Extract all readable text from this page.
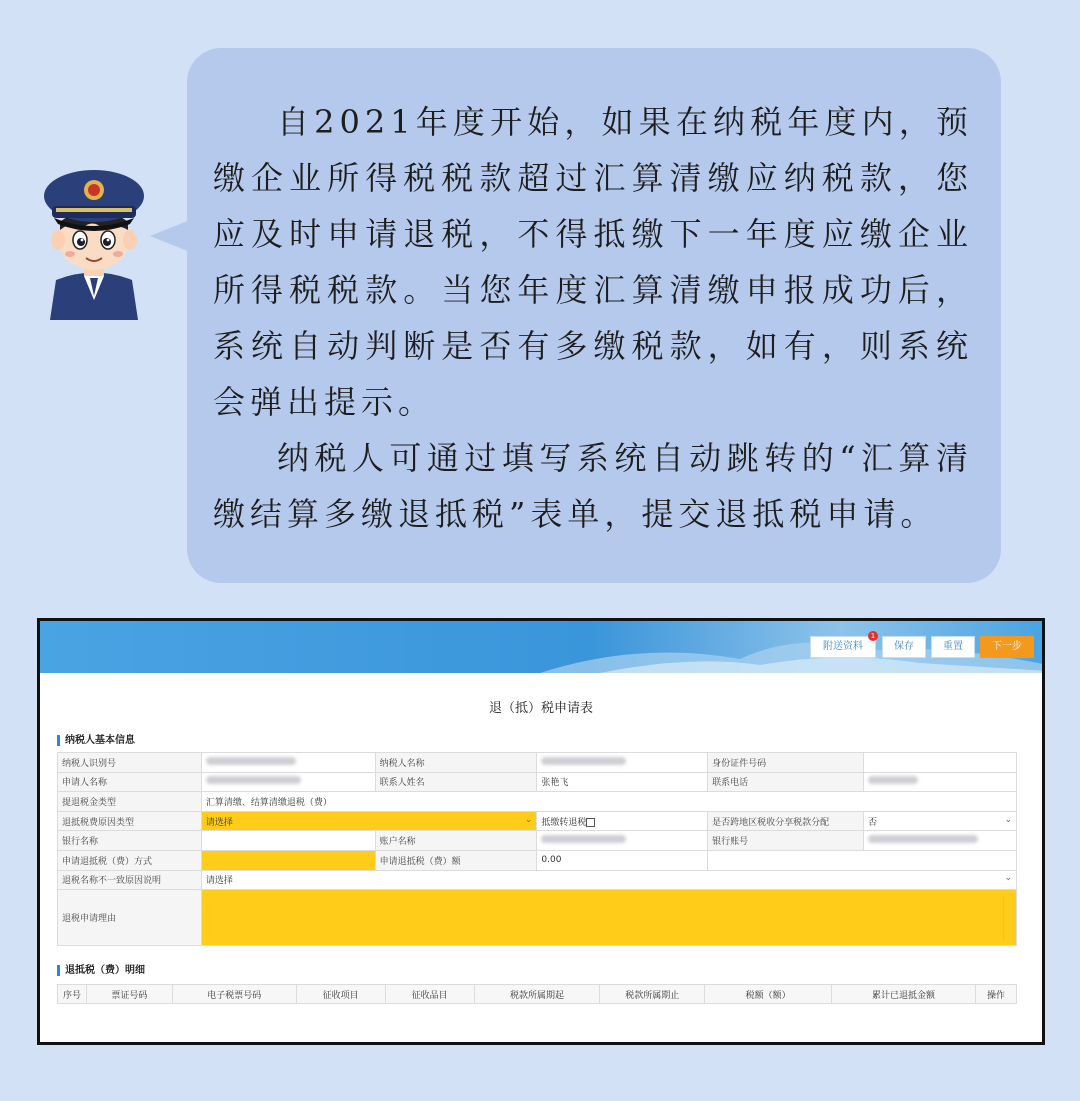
自2021年度开始，如果在纳税年度内，预缴企业所得税税款超过汇算清缴应纳税款，您应及时申请退税，不得抵缴下一年度应缴企业所得税税款。当您年度汇算清缴申报成功后，系统自动判断是否有多缴税款，如有，则系统会弹出提示。

纳税人可通过填写系统自动跳转的“汇算清缴结算多缴退抵税”表单，提交退抵税申请。

附送资料
1
保存	重置	下一步
退（抵）税申请表
纳税人基本信息
纳税人识别号		纳税人名称		身份证件号码	
申请人名称		联系人姓名	张艳飞	联系电话	
提退税金类型	汇算清缴、结算清缴退税（费）				
退抵税费原因类型	请选择 ⌄		抵缴转退税	是否跨地区税收分享税款分配	否 ⌄

银行名称		账户名称		银行账号	
申请退抵税（费）方式		申请退抵税（费）额	0.00		
退税名称不一致原因说明	请选择 ⌄				

退税申请理由					
退抵税（费）明细
序号	票证号码	电子税票号码	征收项目	征收品目	税款所属期起	税款所属期止	税额（额）	累计已退抵金额	操作
